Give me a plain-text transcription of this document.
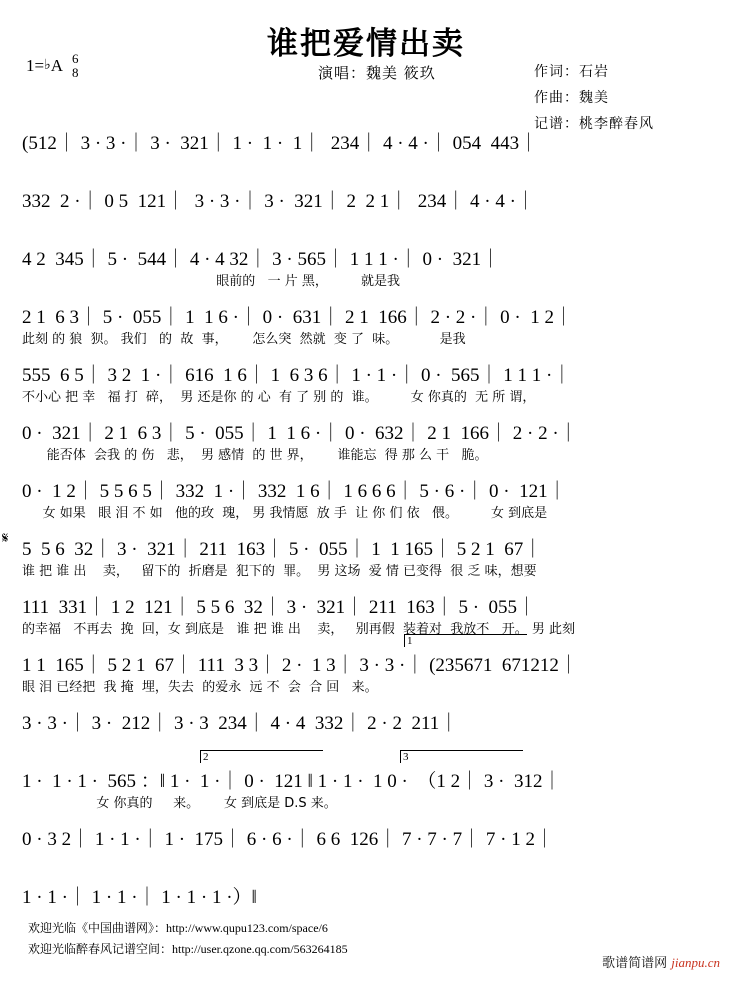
谁把爱情出卖
1=♭A 6
8	演唱：魏美 筱玖	作词：石岩
作曲：魏美
记谱：桃李醉春风
(512｜ 3 · 3 ·｜ 3 ·  321｜ 1 ·  1 ·  1｜  234｜ 4 · 4 ·｜ 054  443｜
332  2 ·｜ 0 5  121｜  3 · 3 ·｜ 3 ·  321｜ 2  2 1｜  234｜ 4 · 4 ·｜
4 2  345｜ 5 ·  544｜ 4 · 4 32｜ 3 · 565｜ 1 1 1 ·｜ 0 ·  321｜
眼前的   一 片 黑，        就是我
2 1  6 3｜ 5 ·  055｜ 1  1 6 ·｜ 0 ·  631｜ 2 1  166｜ 2 · 2 ·｜ 0 ·  1 2｜
此刻 的 狼  狈。 我们   的  故  事，      怎么突  然就  变 了  味。          是我
555  6 5｜ 3 2  1 ·｜ 616  1 6｜ 1  6 3 6｜ 1 · 1 ·｜ 0 ·  565｜ 1 1 1 ·｜
不小心 把 幸   福 打  碎，  男 还是你 的 心  有 了 别 的  谁。        女 你真的  无 所 谓，
0 ·  321｜ 2 1  6 3｜ 5 ·  055｜ 1  1 6 ·｜ 0 ·  632｜ 2 1  166｜ 2 · 2 ·｜
能否体  会我 的 伤   悲，  男 感情  的 世 界，      谁能忘  得 那 么 干   脆。
0 ·  1 2｜ 5 5 6 5｜ 332  1 ·｜ 332  1 6｜ 1 6 6 6｜ 5 · 6 ·｜ 0 ·  121｜
女 如果   眼 泪 不 如   他的玫  瑰， 男 我情愿  放 手  让 你 们 依   偎。        女 到底是
𝄋 5  5 6  32｜ 3 ·  321｜ 211  163｜ 5 ·  055｜ 1  1 165｜ 5 2 1  67｜
谁 把 谁 出    卖，   留下的  折磨是  犯下的  罪。  男 这场  爱 情 已变得  很 乏 味，想要
111  331｜ 1 2  121｜ 5 5 6  32｜ 3 ·  321｜ 211  163｜ 5 ·  055｜
的幸福   不再去  挽  回，女 到底是   谁 把 谁 出    卖，   别再假  装着对  我放不   开。 男 此刻
1
1 1  165｜ 5 2 1  67｜ 111  3 3｜ 2 ·  1 3｜ 3 · 3 ·｜ (235671  671212｜
眼 泪 已经把  我 掩  埋，失去  的爱永  远 不  会  合 回   来。
3 · 3 ·｜ 3 ·  212｜ 3 · 3  234｜ 4 · 4  332｜ 2 · 2  211｜
2	3
1 ·  1 · 1 ·  565 ：‖ 1 ·  1 ·｜ 0 ·  121 ‖ 1 · 1 ·  1 0 ·  （1 2｜ 3 ·  312｜
女 你真的     来。      女 到底是 D.S 来。
0 · 3 2｜ 1 · 1 ·｜ 1 ·  175｜ 6 · 6 ·｜ 6 6  126｜ 7 · 7 · 7｜ 7 · 1 2｜
1 · 1 ·｜ 1 · 1 ·｜ 1 · 1 · 1 ·）‖
欢迎光临《中国曲谱网》：http://www.qupu123.com/space/6
欢迎光临醉春风记谱空间：http://user.qzone.qq.com/563264185
歌谱简谱网 jianpu.cn
